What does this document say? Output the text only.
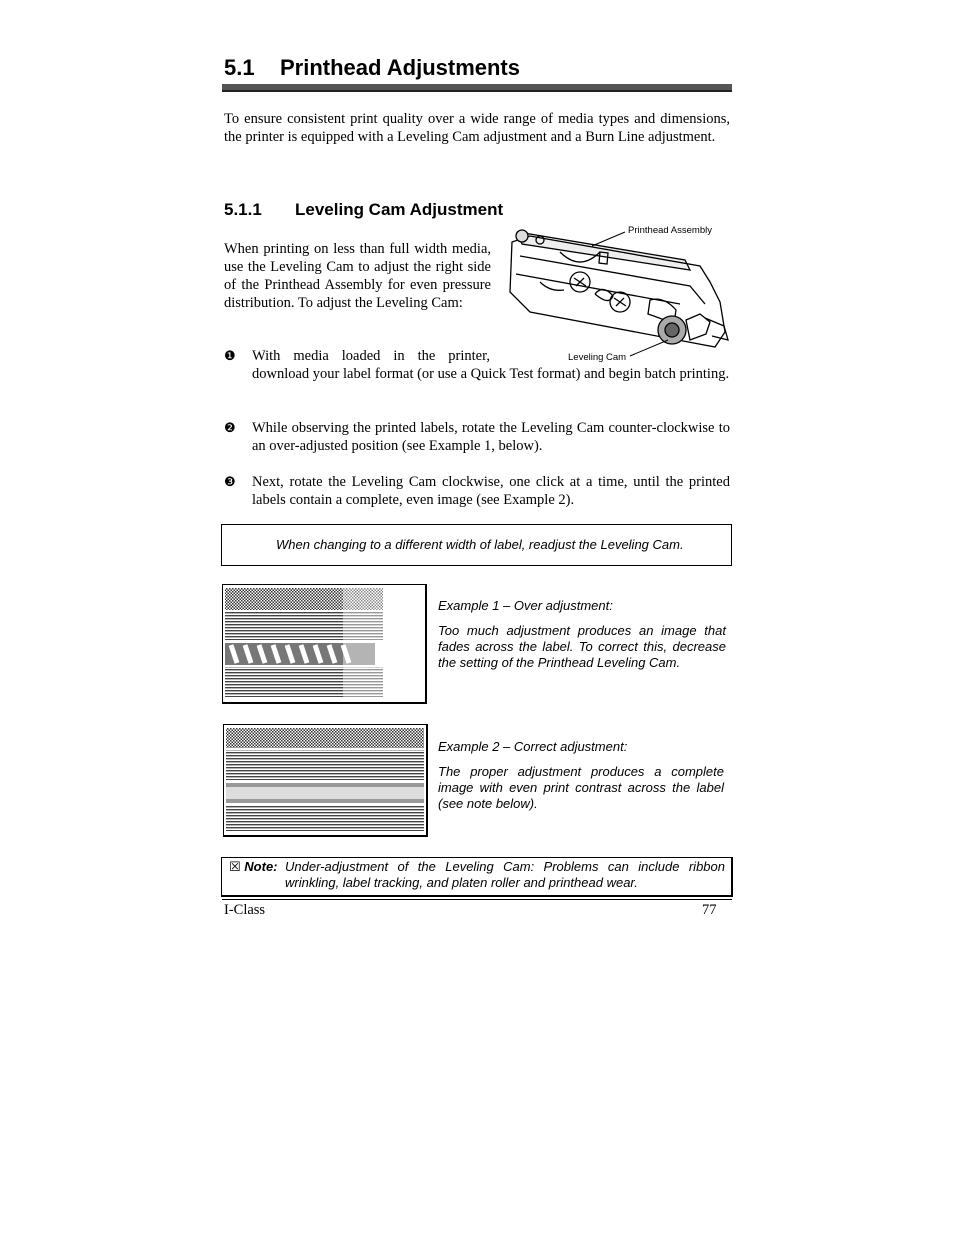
5.1 Printhead Adjustments
To ensure consistent print quality over a wide range of media types and dimensions, the printer is equipped with a Leveling Cam adjustment and a Burn Line adjustment.
5.1.1 Leveling Cam Adjustment
When printing on less than full width media, use the Leveling Cam to adjust the right side of the Printhead Assembly for even pressure distribution. To adjust the Leveling Cam:
Printhead Assembly
Leveling Cam
❶ With media loaded in the printer,
download your label format (or use a Quick Test format) and begin batch printing.
❷ While observing the printed labels, rotate the Leveling Cam counter-clockwise to an over-adjusted position (see Example 1, below).
❸ Next, rotate the Leveling Cam clockwise, one click at a time, until the printed labels contain a complete, even image (see Example 2).
When changing to a different width of label, readjust the Leveling Cam.
Example 1 – Over adjustment:
Too much adjustment produces an image that fades across the label. To correct this, decrease the setting of the Printhead Leveling Cam.
Example 2 – Correct adjustment:
The proper adjustment produces a complete image with even print contrast across the label (see note below).
☒ Note: Under-adjustment of the Leveling Cam: Problems can include ribbon wrinkling, label tracking, and platen roller and printhead wear.
I-Class	77
